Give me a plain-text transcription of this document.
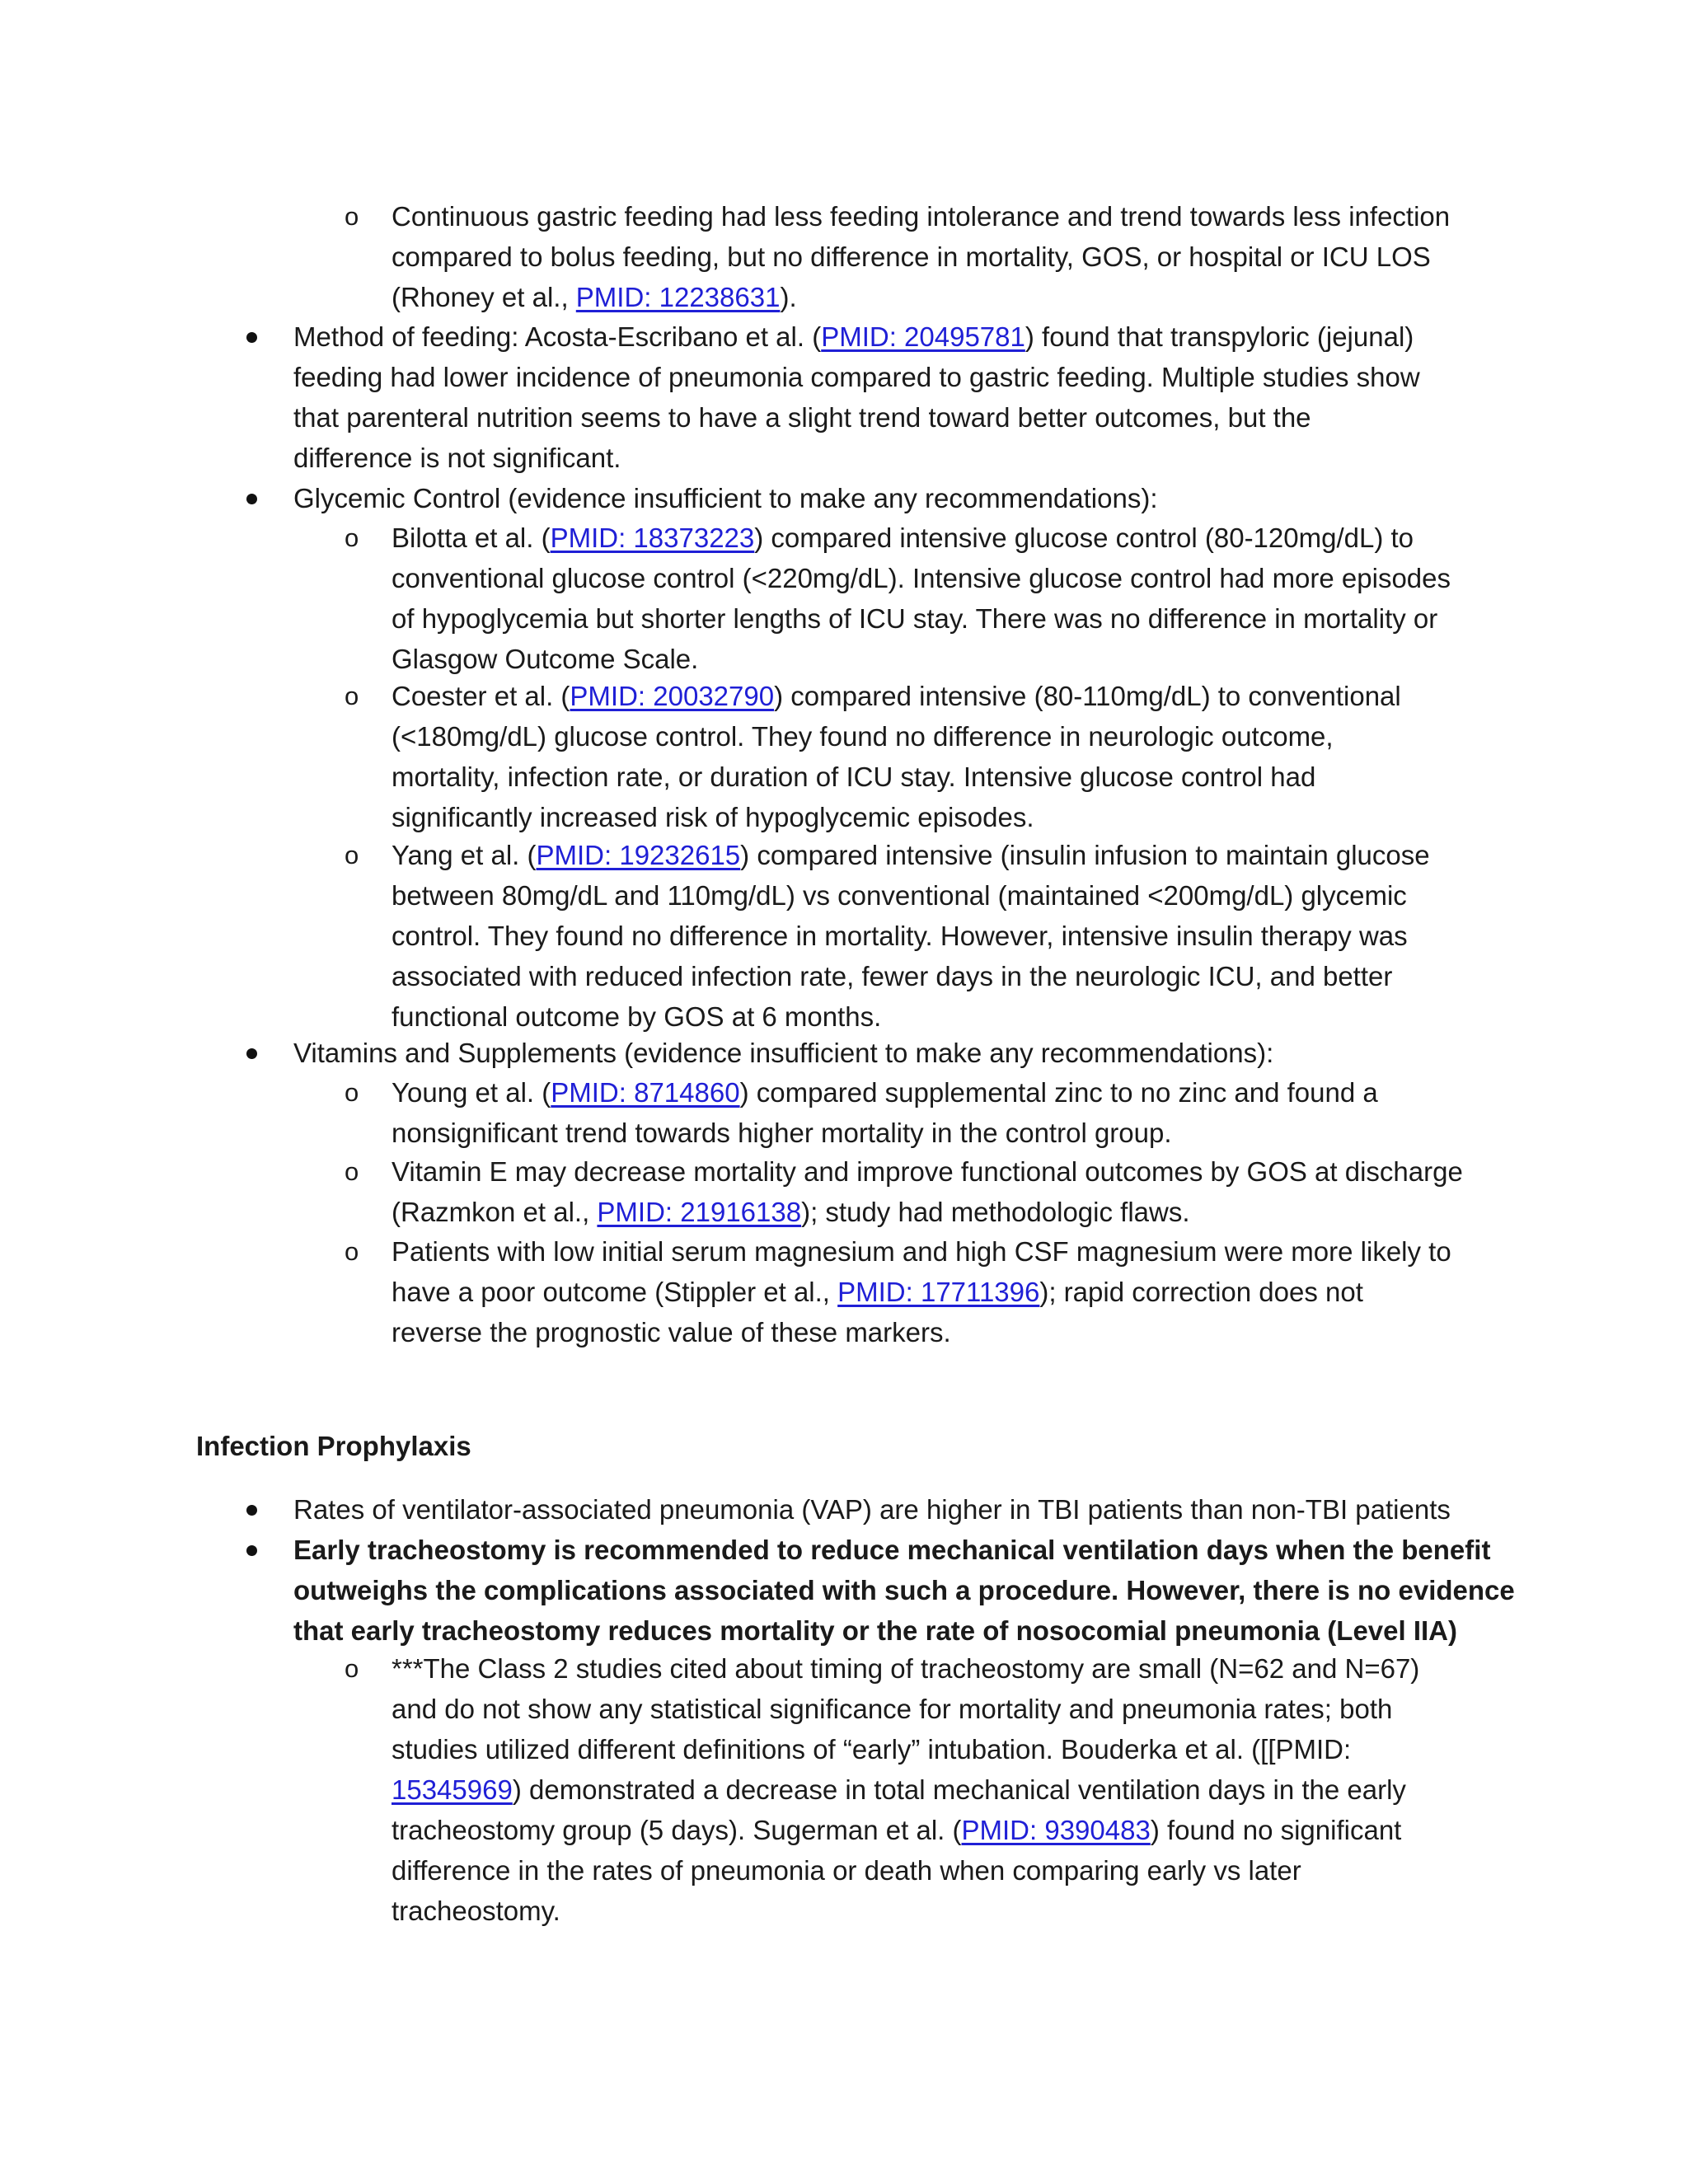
o Continuous gastric feeding had less feeding intolerance and trend towards less infection
compared to bolus feeding, but no difference in mortality, GOS, or hospital or ICU LOS
(Rhoney et al., PMID: 12238631).
Method of feeding: Acosta-Escribano et al. (PMID: 20495781) found that transpyloric (jejunal)
feeding had lower incidence of pneumonia compared to gastric feeding. Multiple studies show
that parenteral nutrition seems to have a slight trend toward better outcomes, but the
difference is not significant.
Glycemic Control (evidence insufficient to make any recommendations):
o Bilotta et al. (PMID: 18373223) compared intensive glucose control (80-120mg/dL) to
conventional glucose control (<220mg/dL). Intensive glucose control had more episodes
of hypoglycemia but shorter lengths of ICU stay. There was no difference in mortality or
Glasgow Outcome Scale.
o Coester et al. (PMID: 20032790) compared intensive (80-110mg/dL) to conventional
(<180mg/dL) glucose control. They found no difference in neurologic outcome,
mortality, infection rate, or duration of ICU stay. Intensive glucose control had
significantly increased risk of hypoglycemic episodes.
o Yang et al. (PMID: 19232615) compared intensive (insulin infusion to maintain glucose
between 80mg/dL and 110mg/dL) vs conventional (maintained <200mg/dL) glycemic
control. They found no difference in mortality. However, intensive insulin therapy was
associated with reduced infection rate, fewer days in the neurologic ICU, and better
functional outcome by GOS at 6 months.
Vitamins and Supplements (evidence insufficient to make any recommendations):
o Young et al. (PMID: 8714860) compared supplemental zinc to no zinc and found a
nonsignificant trend towards higher mortality in the control group.
o Vitamin E may decrease mortality and improve functional outcomes by GOS at discharge
(Razmkon et al., PMID: 21916138); study had methodologic flaws.
o Patients with low initial serum magnesium and high CSF magnesium were more likely to
have a poor outcome (Stippler et al., PMID: 17711396); rapid correction does not
reverse the prognostic value of these markers.
Infection Prophylaxis
Rates of ventilator-associated pneumonia (VAP) are higher in TBI patients than non-TBI patients
Early tracheostomy is recommended to reduce mechanical ventilation days when the benefit
outweighs the complications associated with such a procedure. However, there is no evidence
that early tracheostomy reduces mortality or the rate of nosocomial pneumonia (Level IIA)
o ***The Class 2 studies cited about timing of tracheostomy are small (N=62 and N=67)
and do not show any statistical significance for mortality and pneumonia rates; both
studies utilized different definitions of “early” intubation. Bouderka et al. ([[PMID:
15345969) demonstrated a decrease in total mechanical ventilation days in the early
tracheostomy group (5 days). Sugerman et al. (PMID: 9390483) found no significant
difference in the rates of pneumonia or death when comparing early vs later
tracheostomy.
